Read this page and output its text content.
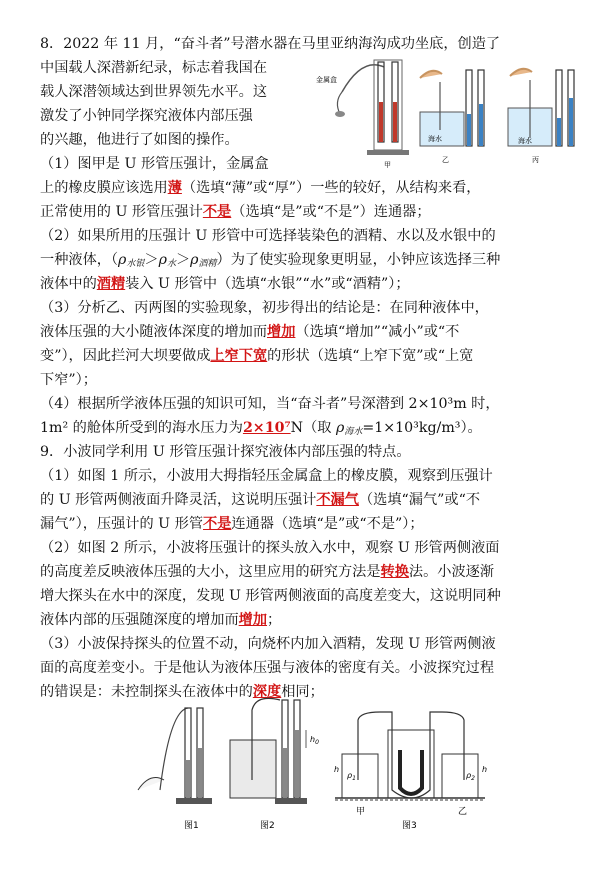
8．2022 年 11 月，“奋斗者”号潜水器在马里亚纳海沟成功坐底，创造了
中国载人深潜新纪录，标志着我国在
载人深潜领域达到世界领先水平。这
激发了小钟同学探究液体内部压强
的兴趣，他进行了如图的操作。
（1）图甲是 U 形管压强计，金属盒
上的橡皮膜应该选用薄（选填“薄”或“厚”）一些的较好，从结构来看，
正常使用的 U 形管压强计不是（选填“是”或“不是”）连通器；
（2）如果所用的压强计 U 形管中可选择装染色的酒精、水以及水银中的
一种液体，$(\rho_{水银}>\rho_水>\rho_{酒精})$为了使实验现象更明显，小钟应该选择三种
液体中的酒精装入 U 形管中（选填“水银”“水”或“酒精”）；
（3）分析乙、丙两图的实验现象，初步得出的结论是：在同种液体中，
液体压强的大小随液体深度的增加而增加（选填“增加”“减小”或“不
变”），因此拦河大坝要做成上窄下宽的形状（选填“上窄下宽”或“上宽
下窄”）；
（4）根据所学液体压强的知识可知，当“奋斗者”号深潜到 2×10³m 时，
1m² 的舱体所受到的海水压力为2×10⁷N（取 $\rho_{海水}=1\times 10^3kg/m^3$）。
9．小波同学利用 U 形管压强计探究液体内部压强的特点。
（1）如图 1 所示，小波用大拇指轻压金属盒上的橡皮膜，观察到压强计
的 U 形管两侧液面升降灵活，这说明压强计不漏气（选填“漏气”或“不
漏气”），压强计的 U 形管不是连通器（选填“是”或“不是”）；
（2）如图 2 所示，小波将压强计的探头放入水中，观察 U 形管两侧液面
的高度差反映液体压强的大小，这里应用的研究方法是转换法。小波逐渐
增大探头在水中的深度，发现 U 形管两侧液面的高度差变大，这说明同种
液体内部的压强随深度的增加而增加；
（3）小波保持探头的位置不动，向烧杯内加入酒精，发现 U 形管两侧液
面的高度差变小。于是他认为液体压强与液体的密度有关。小波探究过程
的错误是：未控制探头在液体中的深度相同；
金属盒
甲
海水
乙
海水
丙
图1
$h_0$
图2
$\rho_1$	$\rho_2$
h	h
甲
图3
乙
